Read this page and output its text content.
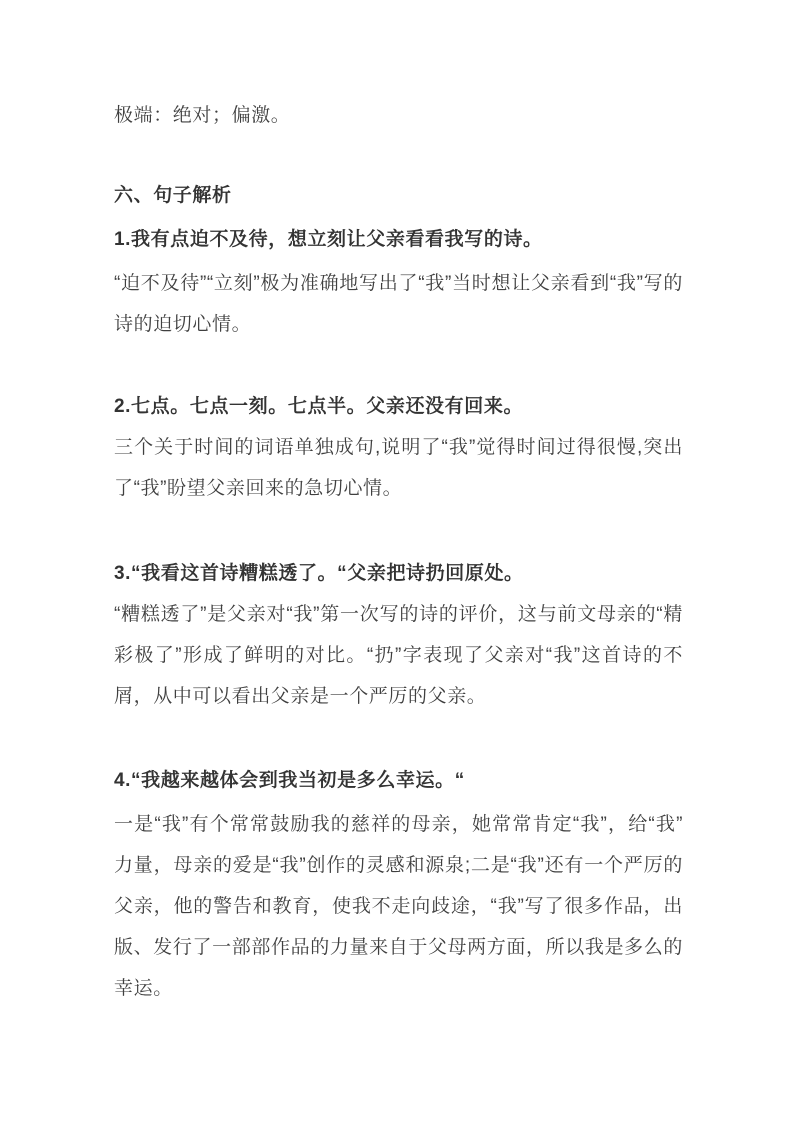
极端：绝对；偏激。

六、句子解析

1.我有点迫不及待，想立刻让父亲看看我写的诗。

“迫不及待”“立刻”极为准确地写出了“我”当时想让父亲看到“我”写的诗的迫切心情。

2.七点。七点一刻。七点半。父亲还没有回来。

三个关于时间的词语单独成句,说明了“我”觉得时间过得很慢,突出了“我”盼望父亲回来的急切心情。

3.“我看这首诗糟糕透了。“父亲把诗扔回原处。

“糟糕透了”是父亲对“我”第一次写的诗的评价，这与前文母亲的“精彩极了”形成了鲜明的对比。“扔”字表现了父亲对“我”这首诗的不屑，从中可以看出父亲是一个严厉的父亲。

4.“我越来越体会到我当初是多么幸运。“

一是“我”有个常常鼓励我的慈祥的母亲，她常常肯定“我”，给“我”力量，母亲的爱是“我”创作的灵感和源泉;二是“我”还有一个严厉的父亲，他的警告和教育，使我不走向歧途，“我”写了很多作品，出版、发行了一部部作品的力量来自于父母两方面，所以我是多么的幸运。
